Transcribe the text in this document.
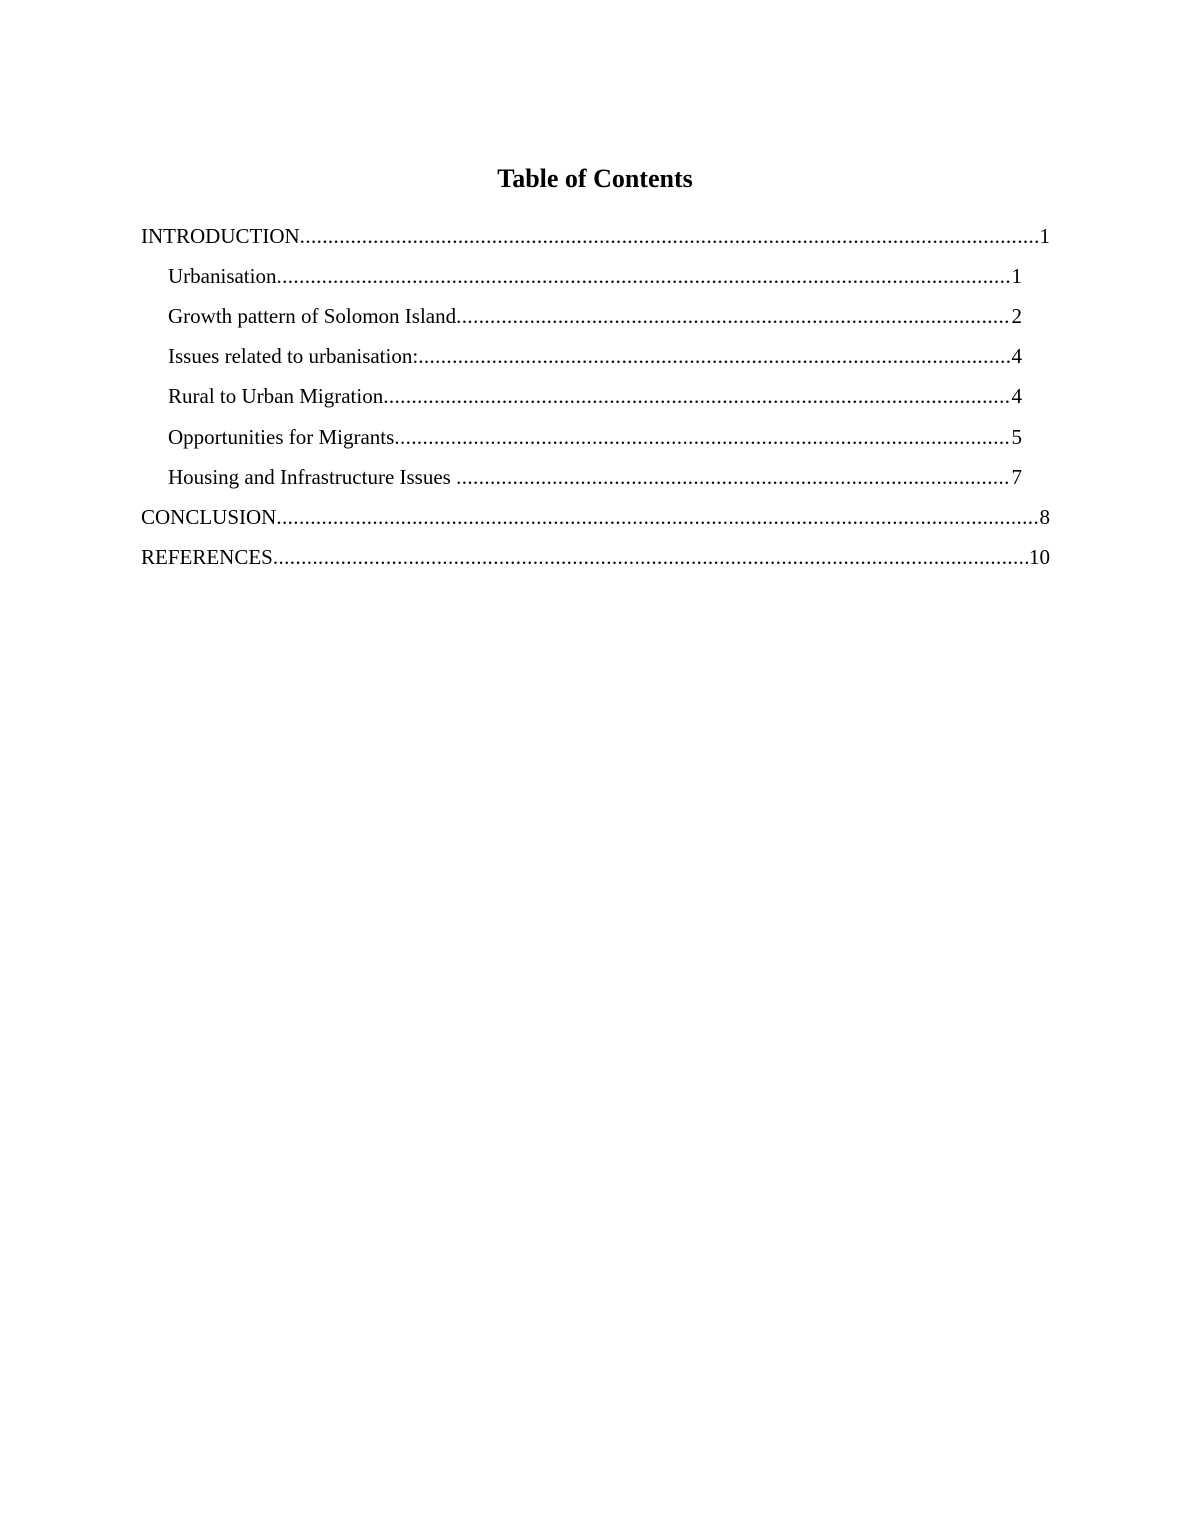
Table of Contents
INTRODUCTION .....	1
Urbanisation .....	1
Growth pattern of Solomon Island .....	2
Issues related to urbanisation: .....	4
Rural to Urban Migration .....	4
Opportunities for Migrants .....	5
Housing and Infrastructure Issues .....	7
CONCLUSION .....	8
REFERENCES .....	10
